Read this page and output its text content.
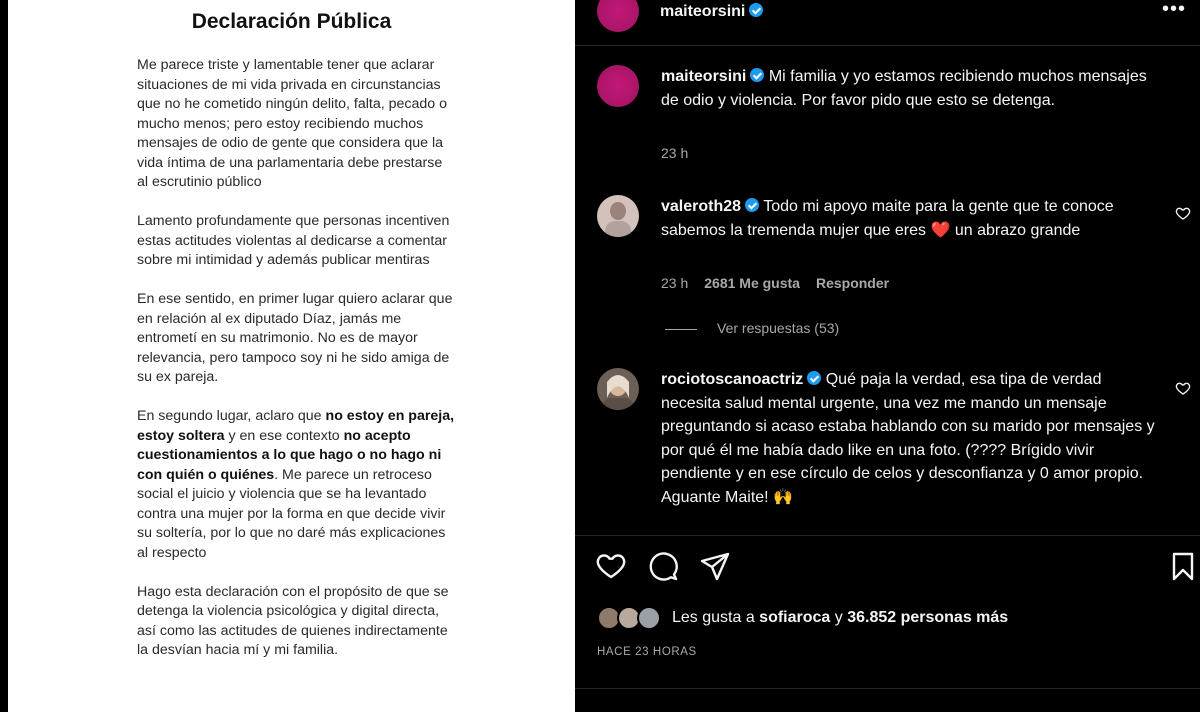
Declaración Pública

Me parece triste y lamentable tener que aclarar situaciones de mi vida privada en circunstancias que no he cometido ningún delito, falta, pecado o mucho menos; pero estoy recibiendo muchos mensajes de odio de gente que considera que la vida íntima de una parlamentaria debe prestarse al escrutinio público

Lamento profundamente que personas incentiven estas actitudes violentas al dedicarse a comentar sobre mi intimidad y además publicar mentiras

En ese sentido, en primer lugar quiero aclarar que en relación al ex diputado Díaz, jamás me entrometí en su matrimonio. No es de mayor relevancia, pero tampoco soy ni he sido amiga de su ex pareja.

En segundo lugar, aclaro que no estoy en pareja, estoy soltera y en ese contexto no acepto cuestionamientos a lo que hago o no hago ni con quién o quiénes. Me parece un retroceso social el juicio y violencia que se ha levantado contra una mujer por la forma en que decide vivir su soltería, por lo que no daré más explicaciones al respecto

Hago esta declaración con el propósito de que se detenga la violencia psicológica y digital directa, así como las actitudes de quienes indirectamente la desvían hacia mí y mi familia.

maiteorsini	•••
maiteorsini Mi familia y yo estamos recibiendo muchos mensajes de odio y violencia. Por favor pido que esto se detenga.
23 h
valeroth28 Todo mi apoyo maite para la gente que te conoce sabemos la tremenda mujer que eres ❤️ un abrazo grande
23 h 2681 Me gusta Responder
Ver respuestas (53)
rociotoscanoactriz Qué paja la verdad, esa tipa de verdad necesita salud mental urgente, una vez me mando un mensaje preguntando si acaso estaba hablando con su marido por mensajes y por qué él me había dado like en una foto. (???? Brígido vivir pendiente y en ese círculo de celos y desconfianza y 0 amor propio.
Aguante Maite! 🙌
Les gusta a sofiaroca y 36.852 personas más
HACE 23 HORAS
